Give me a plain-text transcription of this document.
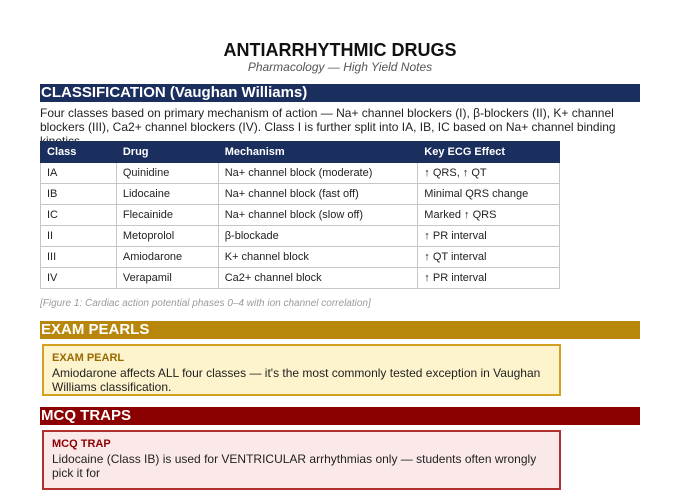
ANTIARRHYTHMIC DRUGS
Pharmacology — High Yield Notes
CLASSIFICATION (Vaughan Williams)
Four classes based on primary mechanism of action — Na+ channel blockers (I), β-blockers (II), K+ channel blockers (III), Ca2+ channel blockers (IV). Class I is further split into IA, IB, IC based on Na+ channel binding
Class	Drug	Mechanism	Key ECG Effect
IA	Quinidine	Na+ channel block (moderate)	↑ QRS, ↑ QT
IB	Lidocaine	Na+ channel block (fast off)	Minimal QRS change
IC	Flecainide	Na+ channel block (slow off)	Marked ↑ QRS
II	Metoprolol	β-blockade	↑ PR interval
III	Amiodarone	K+ channel block	↑ QT interval
IV	Verapamil	Ca2+ channel block	↑ PR interval
[Figure 1: Cardiac action potential phases 0–4 with ion channel correlation]
EXAM PEARLS
EXAM PEARL
Amiodarone affects ALL four classes — it's the most commonly tested exception in Vaughan Williams classification.
MCQ TRAPS
MCQ TRAP
Lidocaine (Class IB) is used for VENTRICULAR arrhythmias only — students often wrongly pick it for
